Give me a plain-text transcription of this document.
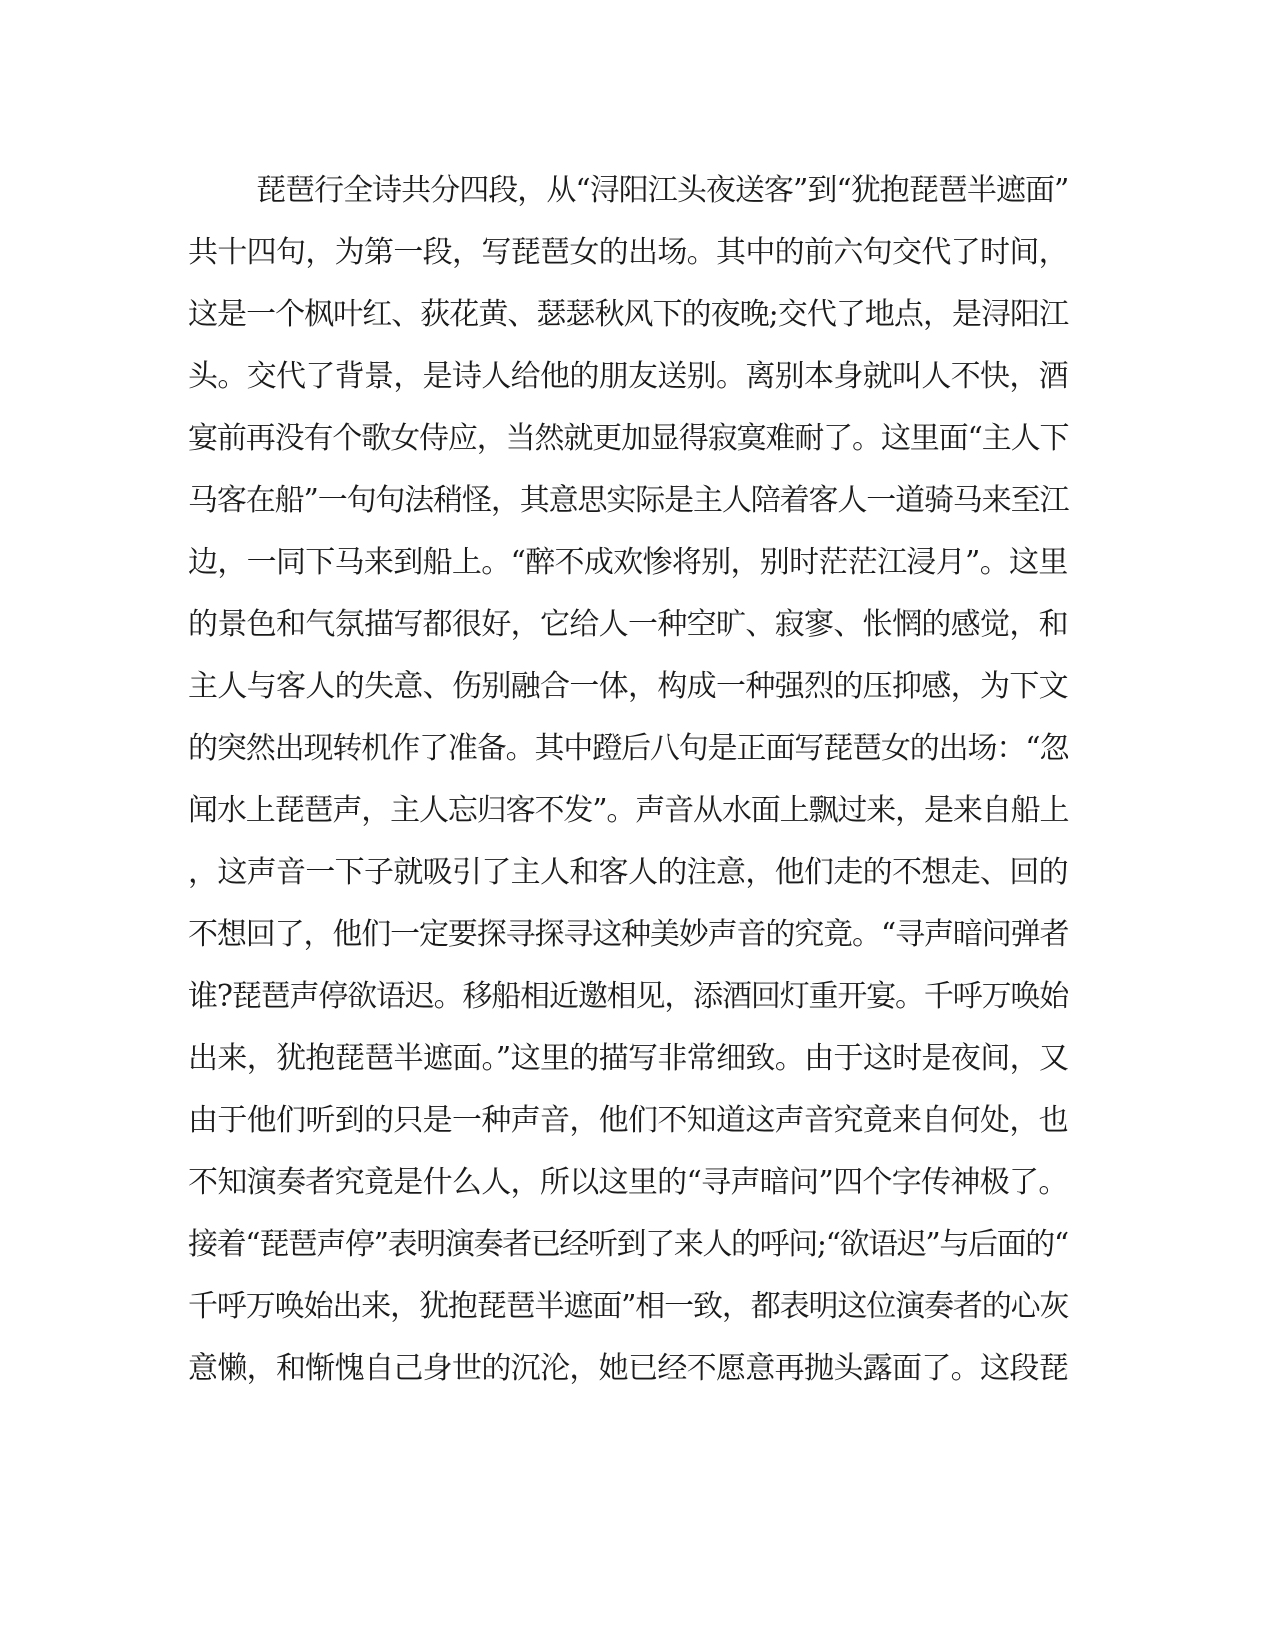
琵琶行全诗共分四段，从“浔阳江头夜送客”到“犹抱琵琶半遮面”
共十四句，为第一段，写琵琶女的出场。其中的前六句交代了时间，
这是一个枫叶红、荻花黄、瑟瑟秋风下的夜晚;交代了地点，是浔阳江
头。交代了背景，是诗人给他的朋友送别。离别本身就叫人不快，酒
宴前再没有个歌女侍应，当然就更加显得寂寞难耐了。这里面“主人下
马客在船”一句句法稍怪，其意思实际是主人陪着客人一道骑马来至江
边，一同下马来到船上。“醉不成欢惨将别，别时茫茫江浸月”。这里
的景色和气氛描写都很好，它给人一种空旷、寂寥、怅惘的感觉，和
主人与客人的失意、伤别融合一体，构成一种强烈的压抑感，为下文
的突然出现转机作了准备。其中蹬后八句是正面写琵琶女的出场：“忽
闻水上琵琶声，主人忘归客不发”。声音从水面上飘过来，是来自船上
，这声音一下子就吸引了主人和客人的注意，他们走的不想走、回的
不想回了，他们一定要探寻探寻这种美妙声音的究竟。“寻声暗问弹者
谁?琵琶声停欲语迟。移船相近邀相见，添酒回灯重开宴。千呼万唤始
出来，犹抱琵琶半遮面。”这里的描写非常细致。由于这时是夜间，又
由于他们听到的只是一种声音，他们不知道这声音究竟来自何处，也
不知演奏者究竟是什么人，所以这里的“寻声暗问”四个字传神极了。
接着“琵琶声停”表明演奏者已经听到了来人的呼问;“欲语迟”与后面的“
千呼万唤始出来，犹抱琵琶半遮面”相一致，都表明这位演奏者的心灰
意懒，和惭愧自己身世的沉沦，她已经不愿意再抛头露面了。这段琵
